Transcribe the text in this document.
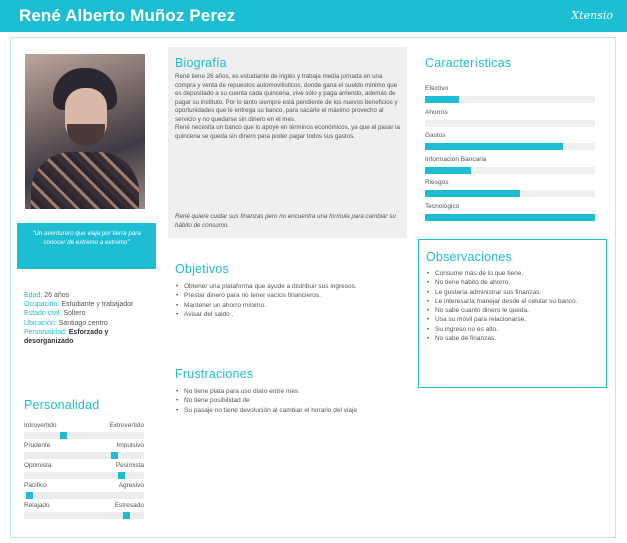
René Alberto Muñoz Perez	Xtensio
"Un aventurero que viaja por tierra para conocer de extremo a extremo"
Edad: 26 años
Ocupación: Estudiante y trabajador
Estado civil: Soltero
Ubicación: Santiago centro
Personalidad: Esforzado y desorganizado
Personalidad
Introvertido	Extrovertido
Prudente	Impulsivo
Optimista	Pesimista
Pacifico	Agresivo
Relajado	Estresado
Biografía

René tiene 26 años, es estudiante de inglés y trabaja media jornada en una compra y venta de repuestos automovilísticos, donde gana el sueldo mínimo que es depositado a su cuenta cada quincena, vive sólo y paga arriendo, además de pagar su instituto. Por lo tanto siempre está pendiente de los nuevos beneficios y oportunidades que le entrega su banco, para sacarle el máximo provecho al servicio y no quedarse sin dinero en el mes.

René necesita un banco que lo apoye en términos económicos, ya que al pasar la quincena se queda sin dinero para poder pagar todos sus gastos.

René quiere cuidar sus finanzas pero no encuentra una formula para cambiar su hábito de consumo.
Objetivos
• Obtener una plataforma que ayude a distribuir sus ingresos.
• Prestar dinero para no tener vacíos financieros.
• Mantener un ahorro mínimo.
• Avisar del saldo .
Frustraciones
• No tiene plata para uso diaro entre mes
• No tiene posibilidad de
• Su pasaje no tiene devolución al cambiar el horario del viaje
Características
Efectivo
Ahorros
Gastos
Información Bancaria
Riesgos
Tecnológico
Observaciones
• Consume más de lo que tiene.
• No tiene hábito de ahorro.
• Le gustaría administrar sus finanzas.
• Le interesaría manejar desde el celular su banco.
• No sabe cuanto dinero le queda.
• Usa su móvil para relacionarse.
• Su ingreso no es alto.
• No sabe de finanzas.
